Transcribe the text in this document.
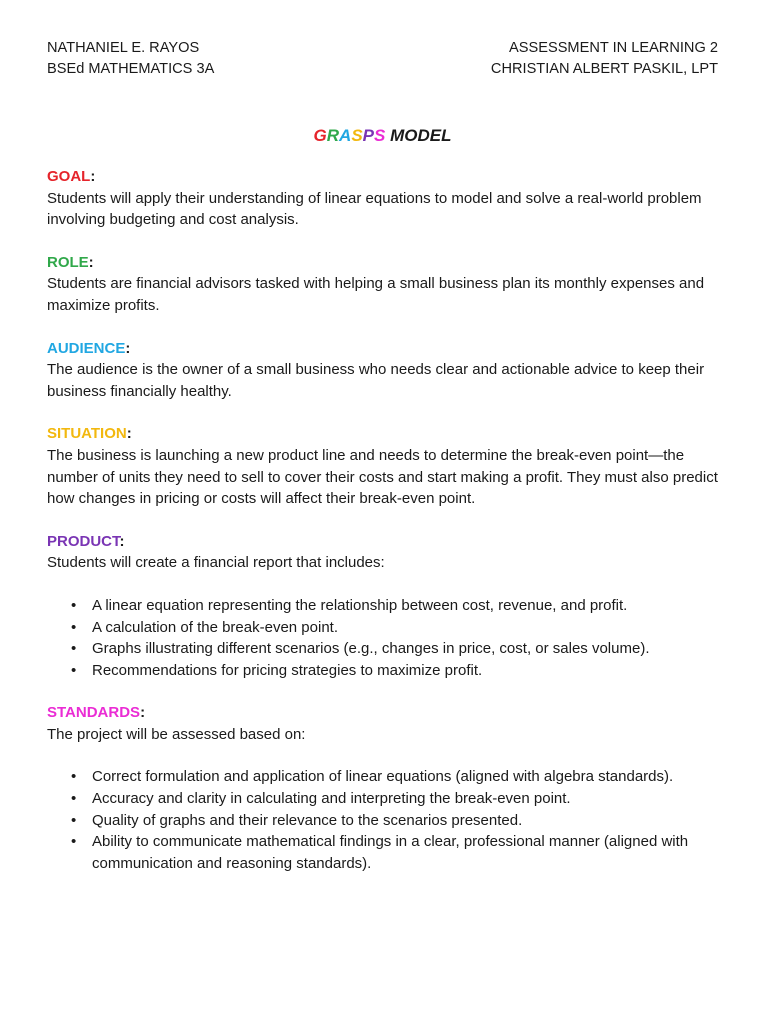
NATHANIEL E. RAYOS
BSEd MATHEMATICS 3A
ASSESSMENT IN LEARNING 2
CHRISTIAN ALBERT PASKIL, LPT
GRASPS MODEL
GOAL:

Students will apply their understanding of linear equations to model and solve a real-world problem involving budgeting and cost analysis.

ROLE:

Students are financial advisors tasked with helping a small business plan its monthly expenses and maximize profits.

AUDIENCE:

The audience is the owner of a small business who needs clear and actionable advice to keep their business financially healthy.

SITUATION:

The business is launching a new product line and needs to determine the break-even point—the number of units they need to sell to cover their costs and start making a profit. They must also predict how changes in pricing or costs will affect their break-even point.

PRODUCT:

Students will create a financial report that includes:

• A linear equation representing the relationship between cost, revenue, and profit.
• A calculation of the break-even point.
• Graphs illustrating different scenarios (e.g., changes in price, cost, or sales volume).
• Recommendations for pricing strategies to maximize profit.
STANDARDS:

The project will be assessed based on:

• Correct formulation and application of linear equations (aligned with algebra standards).
• Accuracy and clarity in calculating and interpreting the break-even point.
• Quality of graphs and their relevance to the scenarios presented.
• Ability to communicate mathematical findings in a clear, professional manner (aligned with communication and reasoning standards).
